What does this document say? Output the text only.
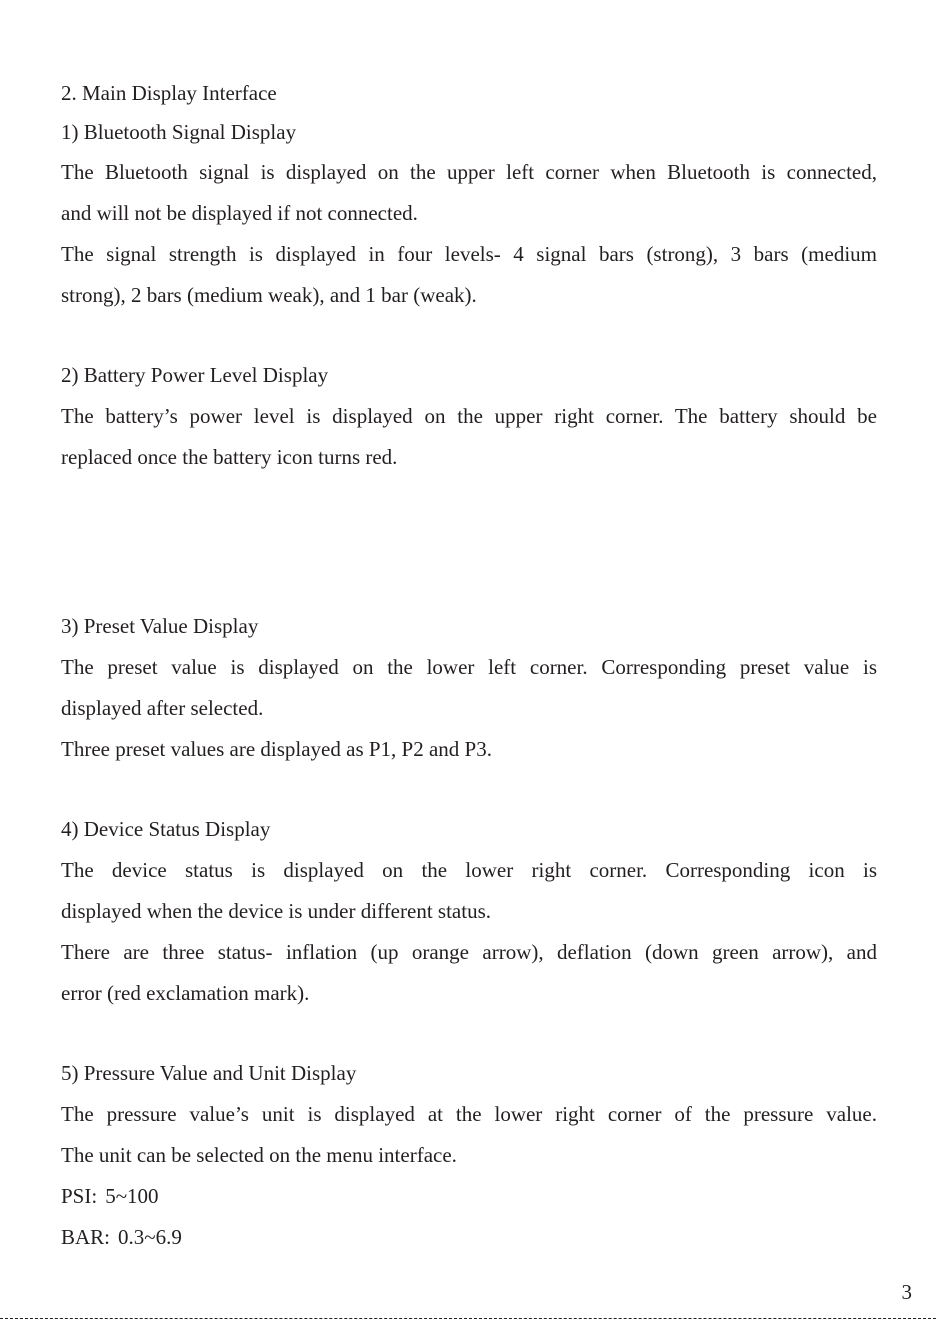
2. Main Display Interface
1) Bluetooth Signal Display
The Bluetooth signal is displayed on the upper left corner when Bluetooth is connected,
and will not be displayed if not connected.
The signal strength is displayed in four levels- 4 signal bars (strong), 3 bars (medium
strong), 2 bars (medium weak), and 1 bar (weak).
2) Battery Power Level Display
The battery’s power level is displayed on the upper right corner. The battery should be
replaced once the battery icon turns red.
3) Preset Value Display
The preset value is displayed on the lower left corner. Corresponding preset value is
displayed after selected.
Three preset values are displayed as P1, P2 and P3.
4) Device Status Display
The device status is displayed on the lower right corner. Corresponding icon is
displayed when the device is under different status.
There are three status- inflation (up orange arrow), deflation (down green arrow), and
error (red exclamation mark).
5) Pressure Value and Unit Display
The pressure value’s unit is displayed at the lower right corner of the pressure value.
The unit can be selected on the menu interface.
PSI: 5~100
BAR: 0.3~6.9
3
